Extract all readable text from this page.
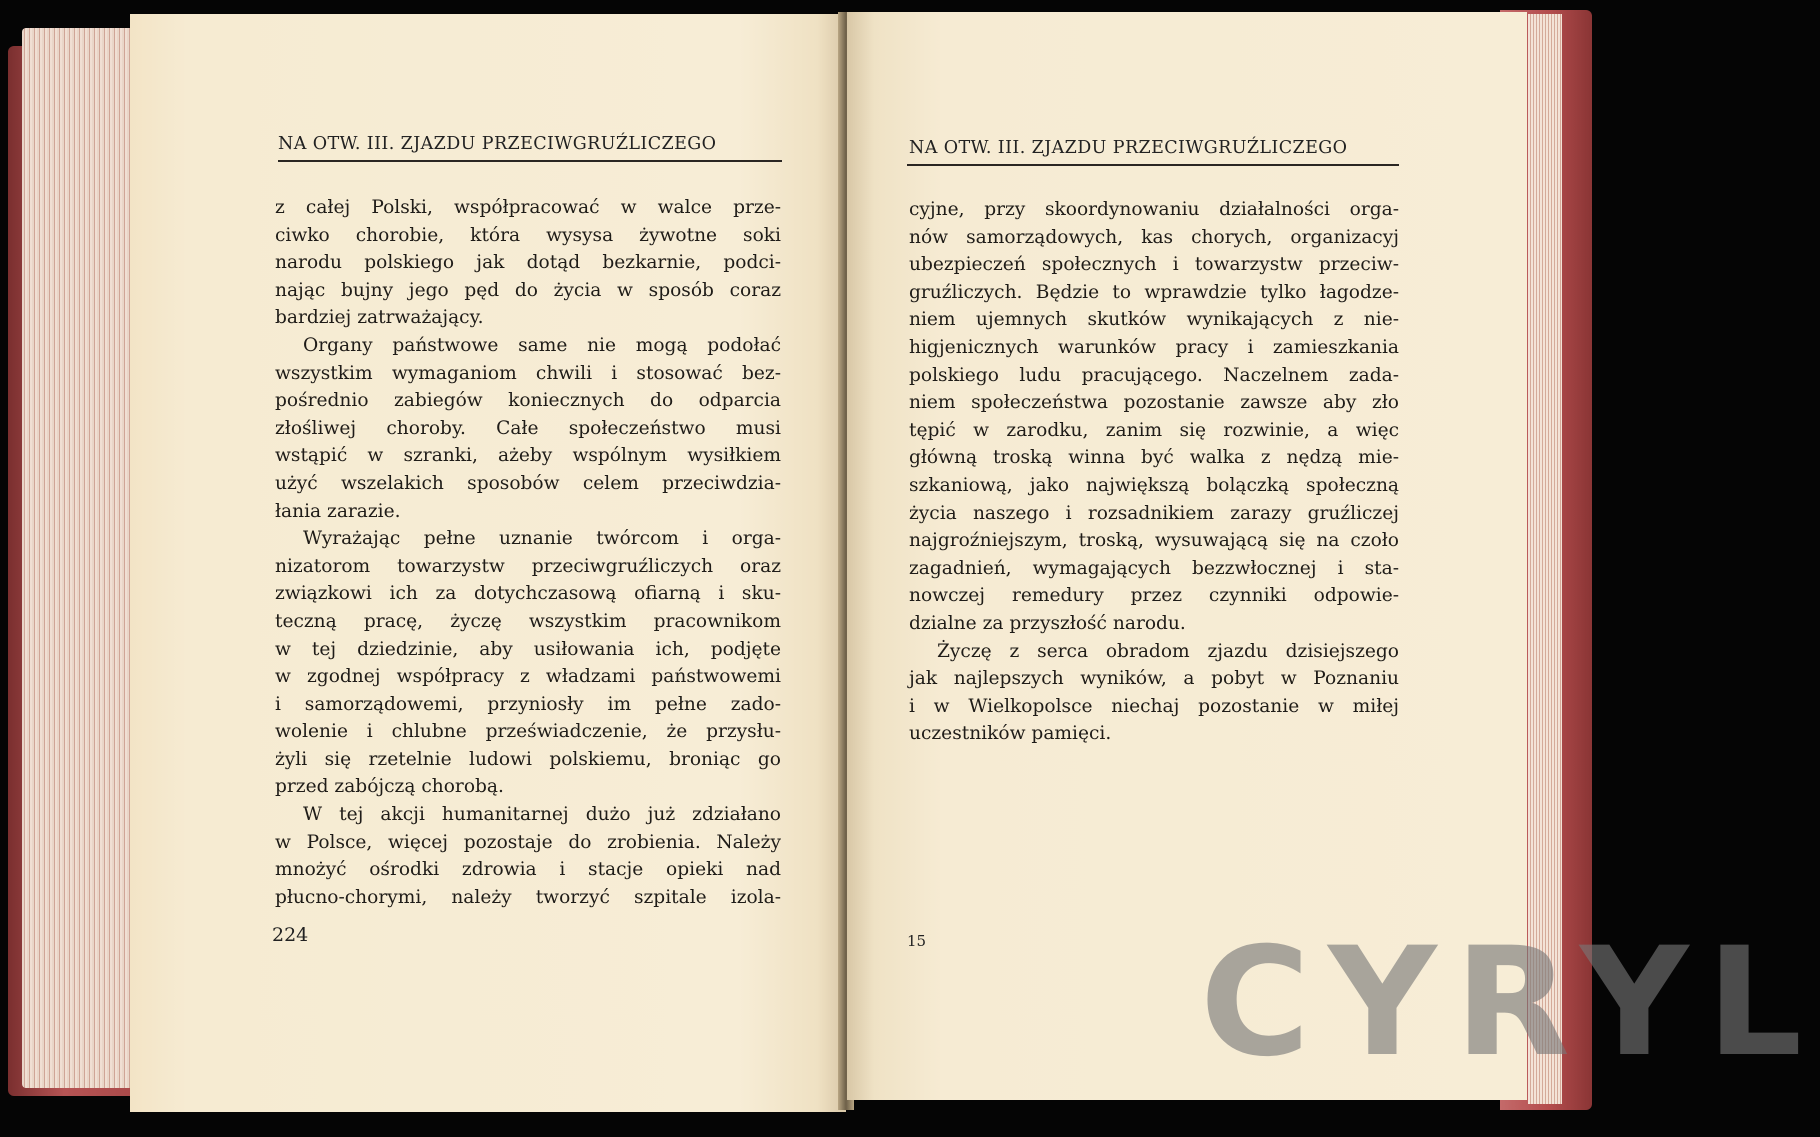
NA OTW. III. ZJAZDU PRZECIWGRUŹLICZEGO
z całej Polski, współpracować w walce prze-
ciwko chorobie, która wysysa żywotne soki
narodu polskiego jak dotąd bezkarnie, podci-
nając bujny jego pęd do życia w sposób coraz
bardziej zatrważający.
Organy państwowe same nie mogą podołać
wszystkim wymaganiom chwili i stosować bez-
pośrednio zabiegów koniecznych do odparcia
złośliwej choroby. Całe społeczeństwo musi
wstąpić w szranki, ażeby wspólnym wysiłkiem
użyć wszelakich sposobów celem przeciwdzia-
łania zarazie.
Wyrażając pełne uznanie twórcom i orga-
nizatorom towarzystw przeciwgruźliczych oraz
związkowi ich za dotychczasową ofiarną i sku-
teczną pracę, życzę wszystkim pracownikom
w tej dziedzinie, aby usiłowania ich, podjęte
w zgodnej współpracy z władzami państwowemi
i samorządowemi, przyniosły im pełne zado-
wolenie i chlubne przeświadczenie, że przysłu-
żyli się rzetelnie ludowi polskiemu, broniąc go
przed zabójczą chorobą.
W tej akcji humanitarnej dużo już zdziałano
w Polsce, więcej pozostaje do zrobienia. Należy
mnożyć ośrodki zdrowia i stacje opieki nad
płucno-chorymi, należy tworzyć szpitale izola-
224
NA OTW. III. ZJAZDU PRZECIWGRUŹLICZEGO
cyjne, przy skoordynowaniu działalności orga-
nów samorządowych, kas chorych, organizacyj
ubezpieczeń społecznych i towarzystw przeciw-
gruźliczych. Będzie to wprawdzie tylko łagodze-
niem ujemnych skutków wynikających z nie-
higjenicznych warunków pracy i zamieszkania
polskiego ludu pracującego. Naczelnem zada-
niem społeczeństwa pozostanie zawsze aby zło
tępić w zarodku, zanim się rozwinie, a więc
główną troską winna być walka z nędzą mie-
szkaniową, jako największą bolączką społeczną
życia naszego i rozsadnikiem zarazy gruźliczej
najgroźniejszym, troską, wysuwającą się na czoło
zagadnień, wymagających bezzwłocznej i sta-
nowczej remedury przez czynniki odpowie-
dzialne za przyszłość narodu.
Życzę z serca obradom zjazdu dzisiejszego
jak najlepszych wyników, a pobyt w Poznaniu
i w Wielkopolsce niechaj pozostanie w miłej
uczestników pamięci.
15 CYRYL
